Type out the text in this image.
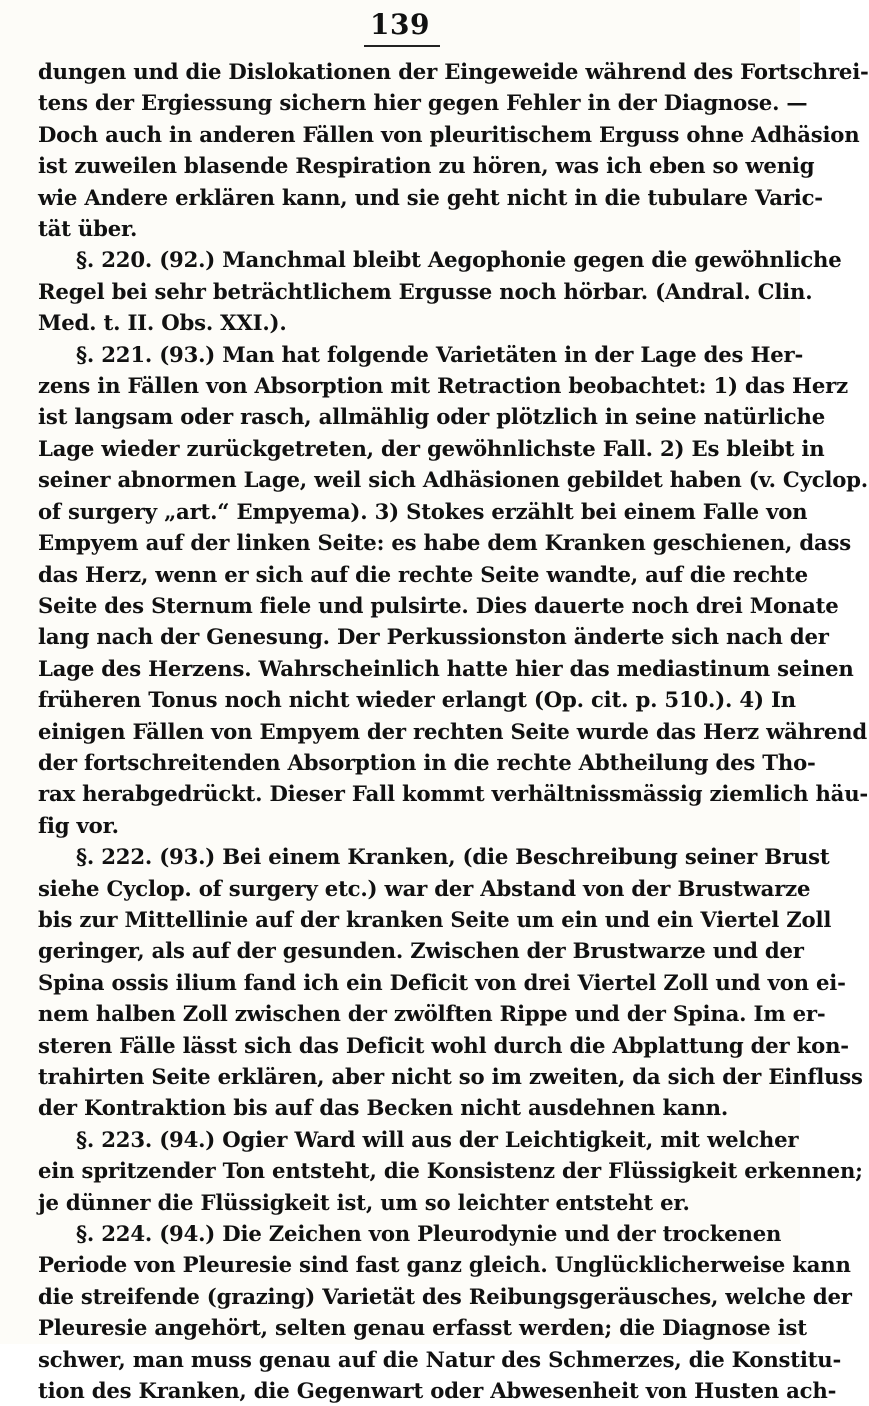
139
dungen und die Dislokationen der Eingeweide während des Fortschrei-
tens der Ergiessung sichern hier gegen Fehler in der Diagnose. —
Doch auch in anderen Fällen von pleuritischem Erguss ohne Adhäsion
ist zuweilen blasende Respiration zu hören, was ich eben so wenig
wie Andere erklären kann, und sie geht nicht in die tubulare Varic-
tät über.
§. 220. (92.) Manchmal bleibt Aegophonie gegen die gewöhnliche
Regel bei sehr beträchtlichem Ergusse noch hörbar. (Andral. Clin.
Med. t. II. Obs. XXI.).
§. 221. (93.) Man hat folgende Varietäten in der Lage des Her-
zens in Fällen von Absorption mit Retraction beobachtet: 1) das Herz
ist langsam oder rasch, allmählig oder plötzlich in seine natürliche
Lage wieder zurückgetreten, der gewöhnlichste Fall. 2) Es bleibt in
seiner abnormen Lage, weil sich Adhäsionen gebildet haben (v. Cyclop.
of surgery „art.“ Empyema). 3) Stokes erzählt bei einem Falle von
Empyem auf der linken Seite: es habe dem Kranken geschienen, dass
das Herz, wenn er sich auf die rechte Seite wandte, auf die rechte
Seite des Sternum fiele und pulsirte. Dies dauerte noch drei Monate
lang nach der Genesung. Der Perkussionston änderte sich nach der
Lage des Herzens. Wahrscheinlich hatte hier das mediastinum seinen
früheren Tonus noch nicht wieder erlangt (Op. cit. p. 510.). 4) In
einigen Fällen von Empyem der rechten Seite wurde das Herz während
der fortschreitenden Absorption in die rechte Abtheilung des Tho-
rax herabgedrückt. Dieser Fall kommt verhältnissmässig ziemlich häu-
fig vor.
§. 222. (93.) Bei einem Kranken, (die Beschreibung seiner Brust
siehe Cyclop. of surgery etc.) war der Abstand von der Brustwarze
bis zur Mittellinie auf der kranken Seite um ein und ein Viertel Zoll
geringer, als auf der gesunden. Zwischen der Brustwarze und der
Spina ossis ilium fand ich ein Deficit von drei Viertel Zoll und von ei-
nem halben Zoll zwischen der zwölften Rippe und der Spina. Im er-
steren Fälle lässt sich das Deficit wohl durch die Abplattung der kon-
trahirten Seite erklären, aber nicht so im zweiten, da sich der Einfluss
der Kontraktion bis auf das Becken nicht ausdehnen kann.
§. 223. (94.) Ogier Ward will aus der Leichtigkeit, mit welcher
ein spritzender Ton entsteht, die Konsistenz der Flüssigkeit erkennen;
je dünner die Flüssigkeit ist, um so leichter entsteht er.
§. 224. (94.) Die Zeichen von Pleurodynie und der trockenen
Periode von Pleuresie sind fast ganz gleich. Unglücklicherweise kann
die streifende (grazing) Varietät des Reibungsgeräusches, welche der
Pleuresie angehört, selten genau erfasst werden; die Diagnose ist
schwer, man muss genau auf die Natur des Schmerzes, die Konstitu-
tion des Kranken, die Gegenwart oder Abwesenheit von Husten ach-
